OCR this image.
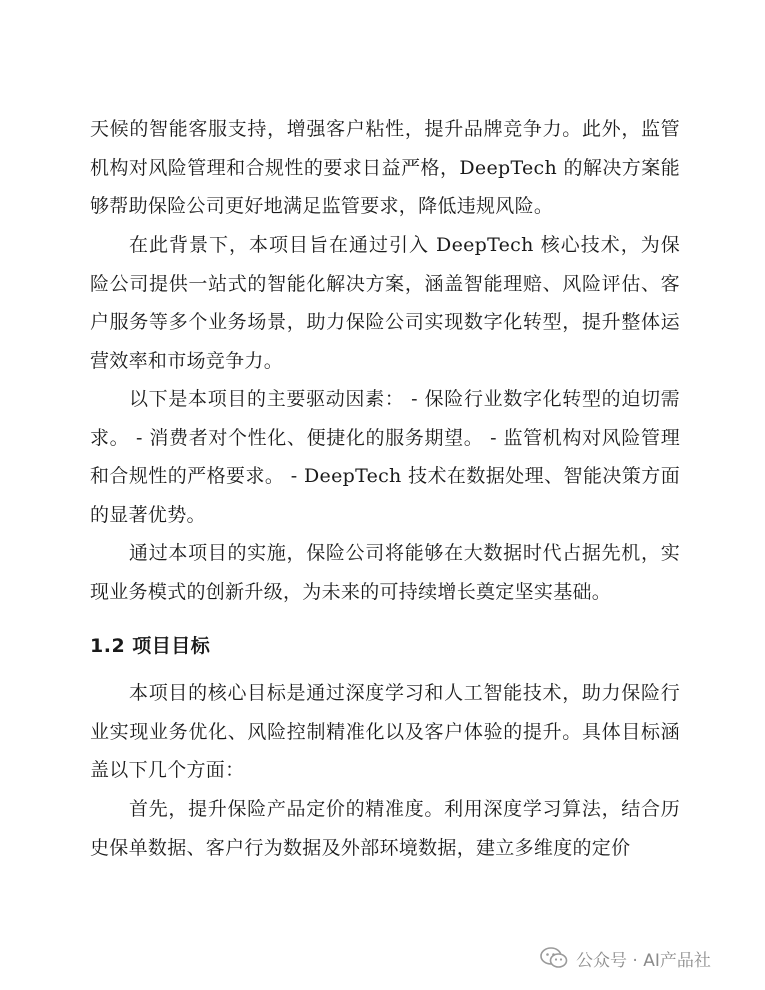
天候的智能客服支持，增强客户粘性，提升品牌竞争力。此外，监管机构对风险管理和合规性的要求日益严格，DeepTech 的解决方案能够帮助保险公司更好地满足监管要求，降低违规风险。

在此背景下，本项目旨在通过引入 DeepTech 核心技术，为保险公司提供一站式的智能化解决方案，涵盖智能理赔、风险评估、客户服务等多个业务场景，助力保险公司实现数字化转型，提升整体运营效率和市场竞争力。

以下是本项目的主要驱动因素： - 保险行业数字化转型的迫切需求。 - 消费者对个性化、便捷化的服务期望。 - 监管机构对风险管理和合规性的严格要求。 - DeepTech 技术在数据处理、智能决策方面的显著优势。

通过本项目的实施，保险公司将能够在大数据时代占据先机，实现业务模式的创新升级，为未来的可持续增长奠定坚实基础。

1.2 项目目标

本项目的核心目标是通过深度学习和人工智能技术，助力保险行业实现业务优化、风险控制精准化以及客户体验的提升。具体目标涵盖以下几个方面：

首先，提升保险产品定价的精准度。利用深度学习算法，结合历史保单数据、客户行为数据及外部环境数据，建立多维度的定价

公众号 · AI产品社
